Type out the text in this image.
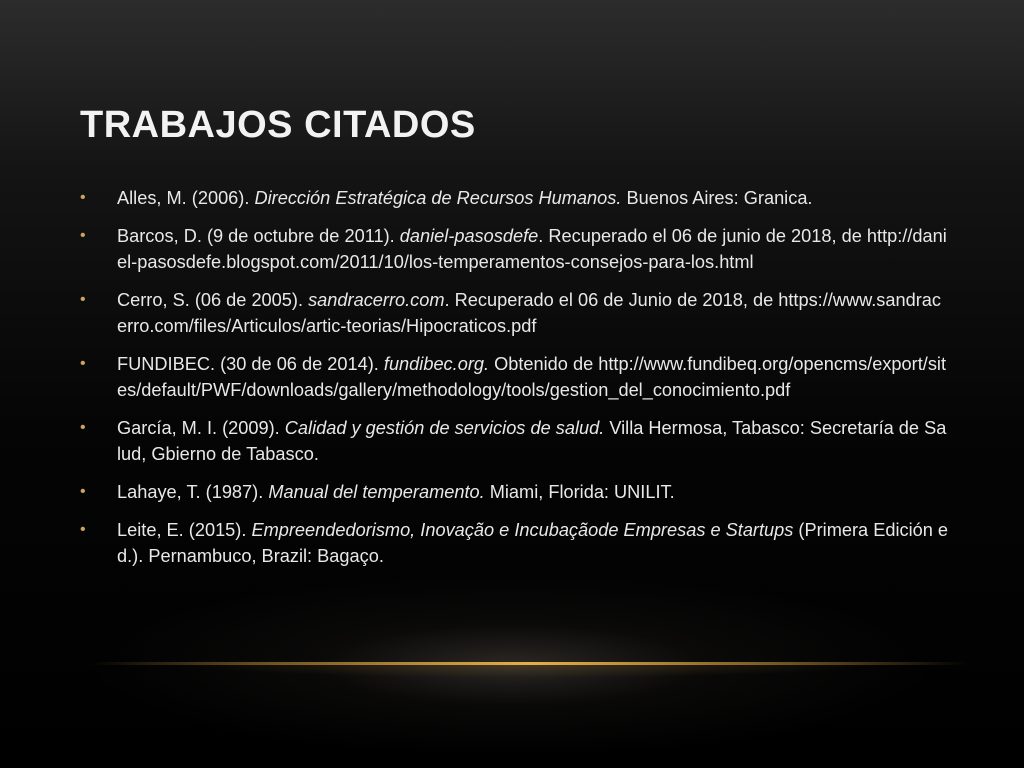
TRABAJOS CITADOS
• Alles, M. (2006). Dirección Estratégica de Recursos Humanos. Buenos Aires: Granica.
• Barcos, D. (9 de octubre de 2011). daniel-pasosdefe. Recuperado el 06 de junio de 2018, de http://daniel-pasosdefe.blogspot.com/2011/10/los-temperamentos-consejos-para-los.html
• Cerro, S. (06 de 2005). sandracerro.com. Recuperado el 06 de Junio de 2018, de https://www.sandracerro.com/files/Articulos/artic-teorias/Hipocraticos.pdf
• FUNDIBEC. (30 de 06 de 2014). fundibec.org. Obtenido de http://www.fundibeq.org/opencms/export/sites/default/PWF/downloads/gallery/methodology/tools/gestion_del_conocimiento.pdf
• García, M. I. (2009). Calidad y gestión de servicios de salud. Villa Hermosa, Tabasco: Secretaría de Salud, Gbierno de Tabasco.
• Lahaye, T. (1987). Manual del temperamento. Miami, Florida: UNILIT.
• Leite, E. (2015). Empreendedorismo, Inovação e Incubaçãode Empresas e Startups (Primera Edición ed.). Pernambuco, Brazil: Bagaço.
